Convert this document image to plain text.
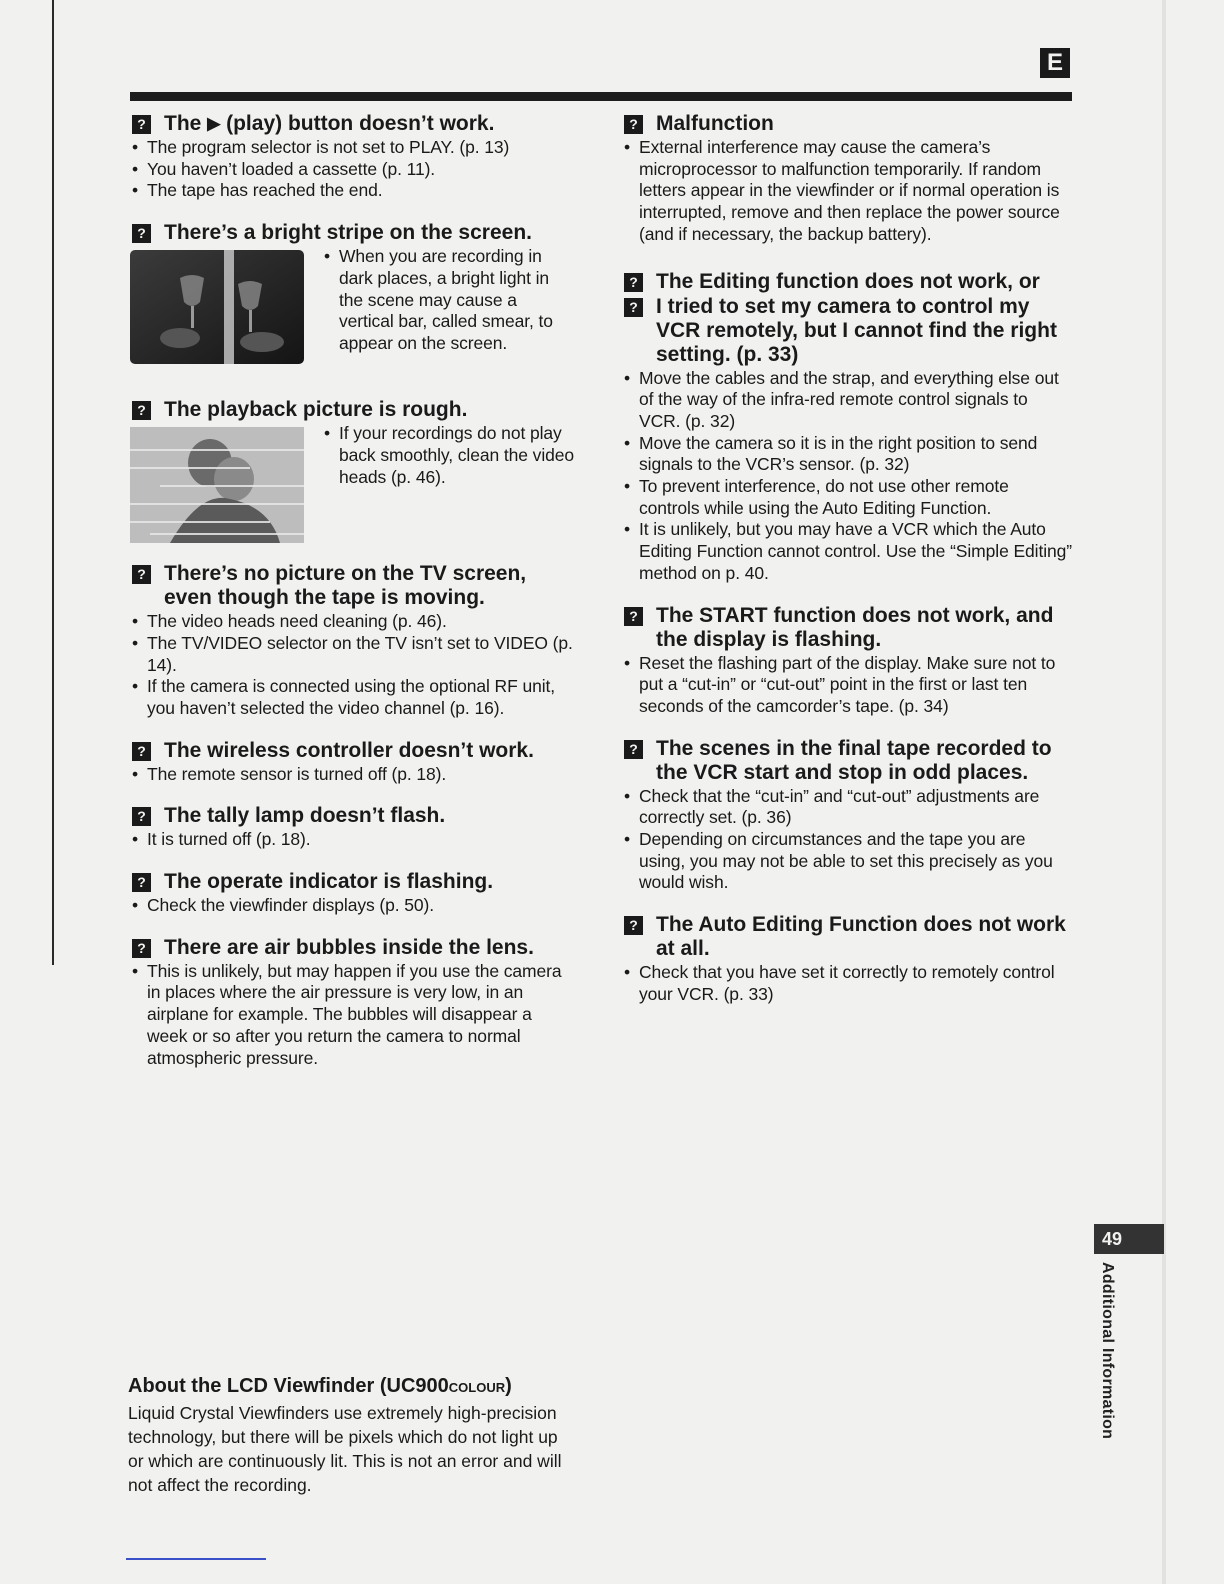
E
? The ▶ (play) button doesn’t work.
• The program selector is not set to PLAY. (p. 13)
• You haven’t loaded a cassette (p. 11).
• The tape has reached the end.
? There’s a bright stripe on the screen.
• When you are recording in dark places, a bright light in the scene may cause a vertical bar, called smear, to appear on the screen.
? The playback picture is rough.
• If your recordings do not play back smoothly, clean the video heads (p. 46).
? There’s no picture on the TV screen, even though the tape is moving.
• The video heads need cleaning (p. 46).
• The TV/VIDEO selector on the TV isn’t set to VIDEO (p. 14).
• If the camera is connected using the optional RF unit, you haven’t selected the video channel (p. 16).
? The wireless controller doesn’t work.
• The remote sensor is turned off (p. 18).
? The tally lamp doesn’t flash.
• It is turned off (p. 18).
? The operate indicator is flashing.
• Check the viewfinder displays (p. 50).
? There are air bubbles inside the lens.
• This is unlikely, but may happen if you use the camera in places where the air pressure is very low, in an airplane for example. The bubbles will disappear a week or so after you return the camera to normal atmospheric pressure.
? Malfunction
• External interference may cause the camera’s microprocessor to malfunction temporarily. If random letters appear in the viewfinder or if normal operation is interrupted, remove and then replace the power source (and if necessary, the backup battery).
? The Editing function does not work, or
? I tried to set my camera to control my VCR remotely, but I cannot find the right setting. (p. 33)
• Move the cables and the strap, and everything else out of the way of the infra-red remote control signals to VCR. (p. 32)
• Move the camera so it is in the right position to send signals to the VCR’s sensor. (p. 32)
• To prevent interference, do not use other remote controls while using the Auto Editing Function.
• It is unlikely, but you may have a VCR which the Auto Editing Function cannot control. Use the “Simple Editing” method on p. 40.
? The START function does not work, and the display is flashing.
• Reset the flashing part of the display. Make sure not to put a “cut-in” or “cut-out” point in the first or last ten seconds of the camcorder’s tape. (p. 34)
? The scenes in the final tape recorded to the VCR start and stop in odd places.
• Check that the “cut-in” and “cut-out” adjustments are correctly set. (p. 36)
• Depending on circumstances and the tape you are using, you may not be able to set this precisely as you would wish.
? The Auto Editing Function does not work at all.
• Check that you have set it correctly to remotely control your VCR. (p. 33)
About the LCD Viewfinder (UC900COLOUR)
Liquid Crystal Viewfinders use extremely high-precision technology, but there will be pixels which do not light up or which are continuously lit. This is not an error and will not affect the recording.
49
Additional Information
